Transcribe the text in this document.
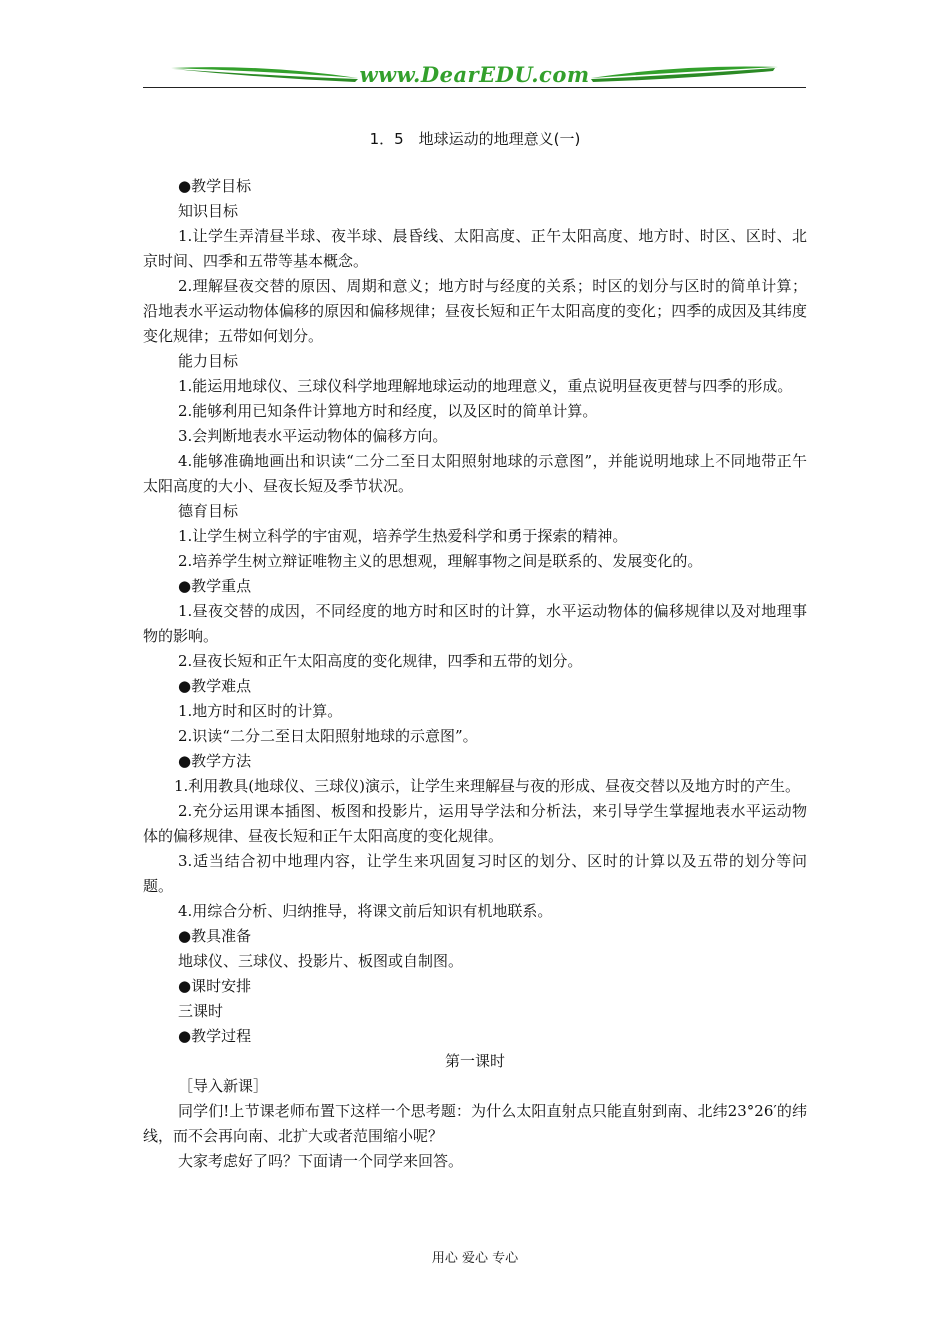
www.DearEDU.com
1．5　地球运动的地理意义(一)

●教学目标

知识目标

1.让学生弄清昼半球、夜半球、晨昏线、太阳高度、正午太阳高度、地方时、时区、区时、北京时间、四季和五带等基本概念。

2.理解昼夜交替的原因、周期和意义；地方时与经度的关系；时区的划分与区时的简单计算；沿地表水平运动物体偏移的原因和偏移规律；昼夜长短和正午太阳高度的变化；四季的成因及其纬度变化规律；五带如何划分。

能力目标

1.能运用地球仪、三球仪科学地理解地球运动的地理意义，重点说明昼夜更替与四季的形成。

2.能够利用已知条件计算地方时和经度，以及区时的简单计算。

3.会判断地表水平运动物体的偏移方向。

4.能够准确地画出和识读“二分二至日太阳照射地球的示意图”，并能说明地球上不同地带正午太阳高度的大小、昼夜长短及季节状况。

德育目标

1.让学生树立科学的宇宙观，培养学生热爱科学和勇于探索的精神。

2.培养学生树立辩证唯物主义的思想观，理解事物之间是联系的、发展变化的。

●教学重点

1.昼夜交替的成因，不同经度的地方时和区时的计算，水平运动物体的偏移规律以及对地理事物的影响。

2.昼夜长短和正午太阳高度的变化规律，四季和五带的划分。

●教学难点

1.地方时和区时的计算。

2.识读“二分二至日太阳照射地球的示意图”。

●教学方法

1.利用教具(地球仪、三球仪)演示，让学生来理解昼与夜的形成、昼夜交替以及地方时的产生。

2.充分运用课本插图、板图和投影片，运用导学法和分析法，来引导学生掌握地表水平运动物体的偏移规律、昼夜长短和正午太阳高度的变化规律。

3.适当结合初中地理内容，让学生来巩固复习时区的划分、区时的计算以及五带的划分等问题。

4.用综合分析、归纳推导，将课文前后知识有机地联系。

●教具准备

地球仪、三球仪、投影片、板图或自制图。

●课时安排

三课时

●教学过程

第一课时

［导入新课］

同学们!上节课老师布置下这样一个思考题：为什么太阳直射点只能直射到南、北纬23°26′的纬线，而不会再向南、北扩大或者范围缩小呢？

大家考虑好了吗？下面请一个同学来回答。

用心 爱心 专心
